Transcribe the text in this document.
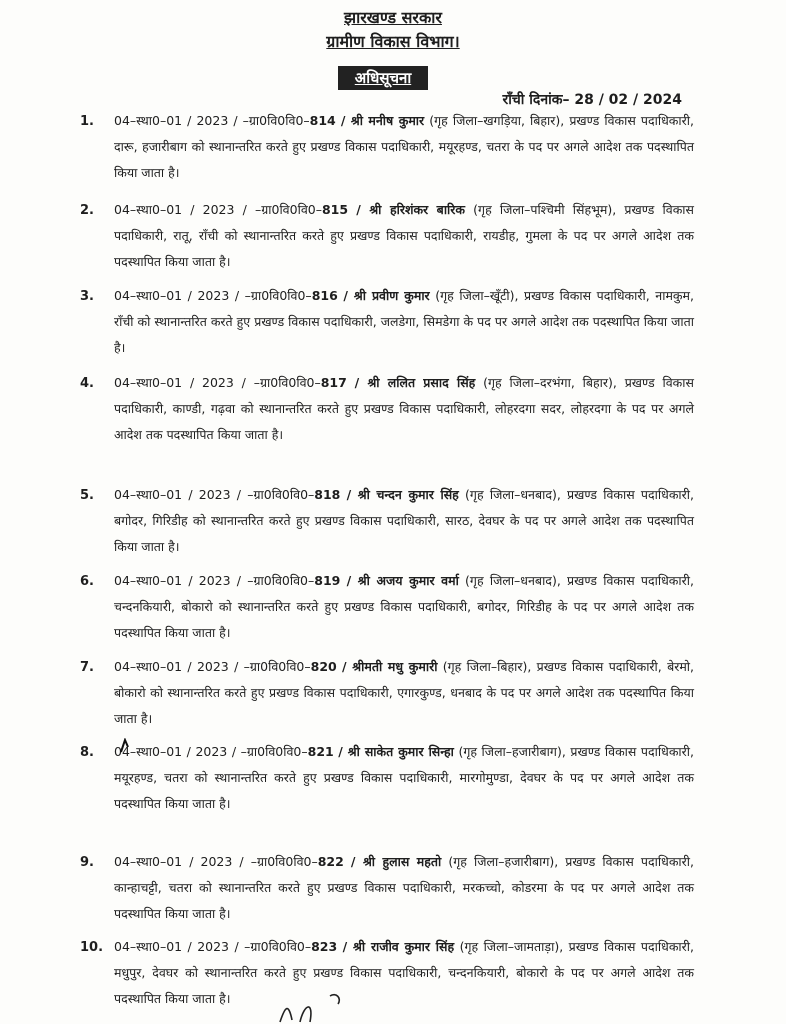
झारखण्ड सरकार
ग्रामीण विकास विभाग।
अधिसूचना
राँची दिनांक– 28 / 02 / 2024
1. 04–स्था0–01 / 2023 / –ग्रा0वि0वि0–814 / श्री मनीष कुमार (गृह जिला–खगड़िया, बिहार), प्रखण्ड विकास पदाधिकारी, दारू, हजारीबाग को स्थानान्तरित करते हुए प्रखण्ड विकास पदाधिकारी, मयूरहण्ड, चतरा के पद पर अगले आदेश तक पदस्थापित किया जाता है।
2. 04–स्था0–01 / 2023 / –ग्रा0वि0वि0–815 / श्री हरिशंकर बारिक (गृह जिला–पश्चिमी सिंहभूम), प्रखण्ड विकास पदाधिकारी, रातू, राँची को स्थानान्तरित करते हुए प्रखण्ड विकास पदाधिकारी, रायडीह, गुमला के पद पर अगले आदेश तक पदस्थापित किया जाता है।
3. 04–स्था0–01 / 2023 / –ग्रा0वि0वि0–816 / श्री प्रवीण कुमार (गृह जिला–खूँटी), प्रखण्ड विकास पदाधिकारी, नामकुम, राँची को स्थानान्तरित करते हुए प्रखण्ड विकास पदाधिकारी, जलडेगा, सिमडेगा के पद पर अगले आदेश तक पदस्थापित किया जाता है।
4. 04–स्था0–01 / 2023 / –ग्रा0वि0वि0–817 / श्री ललित प्रसाद सिंह (गृह जिला–दरभंगा, बिहार), प्रखण्ड विकास पदाधिकारी, काण्डी, गढ़वा को स्थानान्तरित करते हुए प्रखण्ड विकास पदाधिकारी, लोहरदगा सदर, लोहरदगा के पद पर अगले आदेश तक पदस्थापित किया जाता है।
5. 04–स्था0–01 / 2023 / –ग्रा0वि0वि0–818 / श्री चन्दन कुमार सिंह (गृह जिला–धनबाद), प्रखण्ड विकास पदाधिकारी, बगोदर, गिरिडीह को स्थानान्तरित करते हुए प्रखण्ड विकास पदाधिकारी, सारठ, देवघर के पद पर अगले आदेश तक पदस्थापित किया जाता है।
6. 04–स्था0–01 / 2023 / –ग्रा0वि0वि0–819 / श्री अजय कुमार वर्मा (गृह जिला–धनबाद), प्रखण्ड विकास पदाधिकारी, चन्दनकियारी, बोकारो को स्थानान्तरित करते हुए प्रखण्ड विकास पदाधिकारी, बगोदर, गिरिडीह के पद पर अगले आदेश तक पदस्थापित किया जाता है।
7. 04–स्था0–01 / 2023 / –ग्रा0वि0वि0–820 / श्रीमती मधु कुमारी (गृह जिला–बिहार), प्रखण्ड विकास पदाधिकारी, बेरमो, बोकारो को स्थानान्तरित करते हुए प्रखण्ड विकास पदाधिकारी, एगारकुण्ड, धनबाद के पद पर अगले आदेश तक पदस्थापित किया जाता है।
8. 04–स्था0–01 / 2023 / –ग्रा0वि0वि0–821 / श्री साकेत कुमार सिन्हा (गृह जिला–हजारीबाग), प्रखण्ड विकास पदाधिकारी, मयूरहण्ड, चतरा को स्थानान्तरित करते हुए प्रखण्ड विकास पदाधिकारी, मारगोमुण्डा, देवघर के पद पर अगले आदेश तक पदस्थापित किया जाता है।
9. 04–स्था0–01 / 2023 / –ग्रा0वि0वि0–822 / श्री हुलास महतो (गृह जिला–हजारीबाग), प्रखण्ड विकास पदाधिकारी, कान्हाचट्टी, चतरा को स्थानान्तरित करते हुए प्रखण्ड विकास पदाधिकारी, मरकच्चो, कोडरमा के पद पर अगले आदेश तक पदस्थापित किया जाता है।
10. 04–स्था0–01 / 2023 / –ग्रा0वि0वि0–823 / श्री राजीव कुमार सिंह (गृह जिला–जामताड़ा), प्रखण्ड विकास पदाधिकारी, मधुपुर, देवघर को स्थानान्तरित करते हुए प्रखण्ड विकास पदाधिकारी, चन्दनकियारी, बोकारो के पद पर अगले आदेश तक पदस्थापित किया जाता है।
